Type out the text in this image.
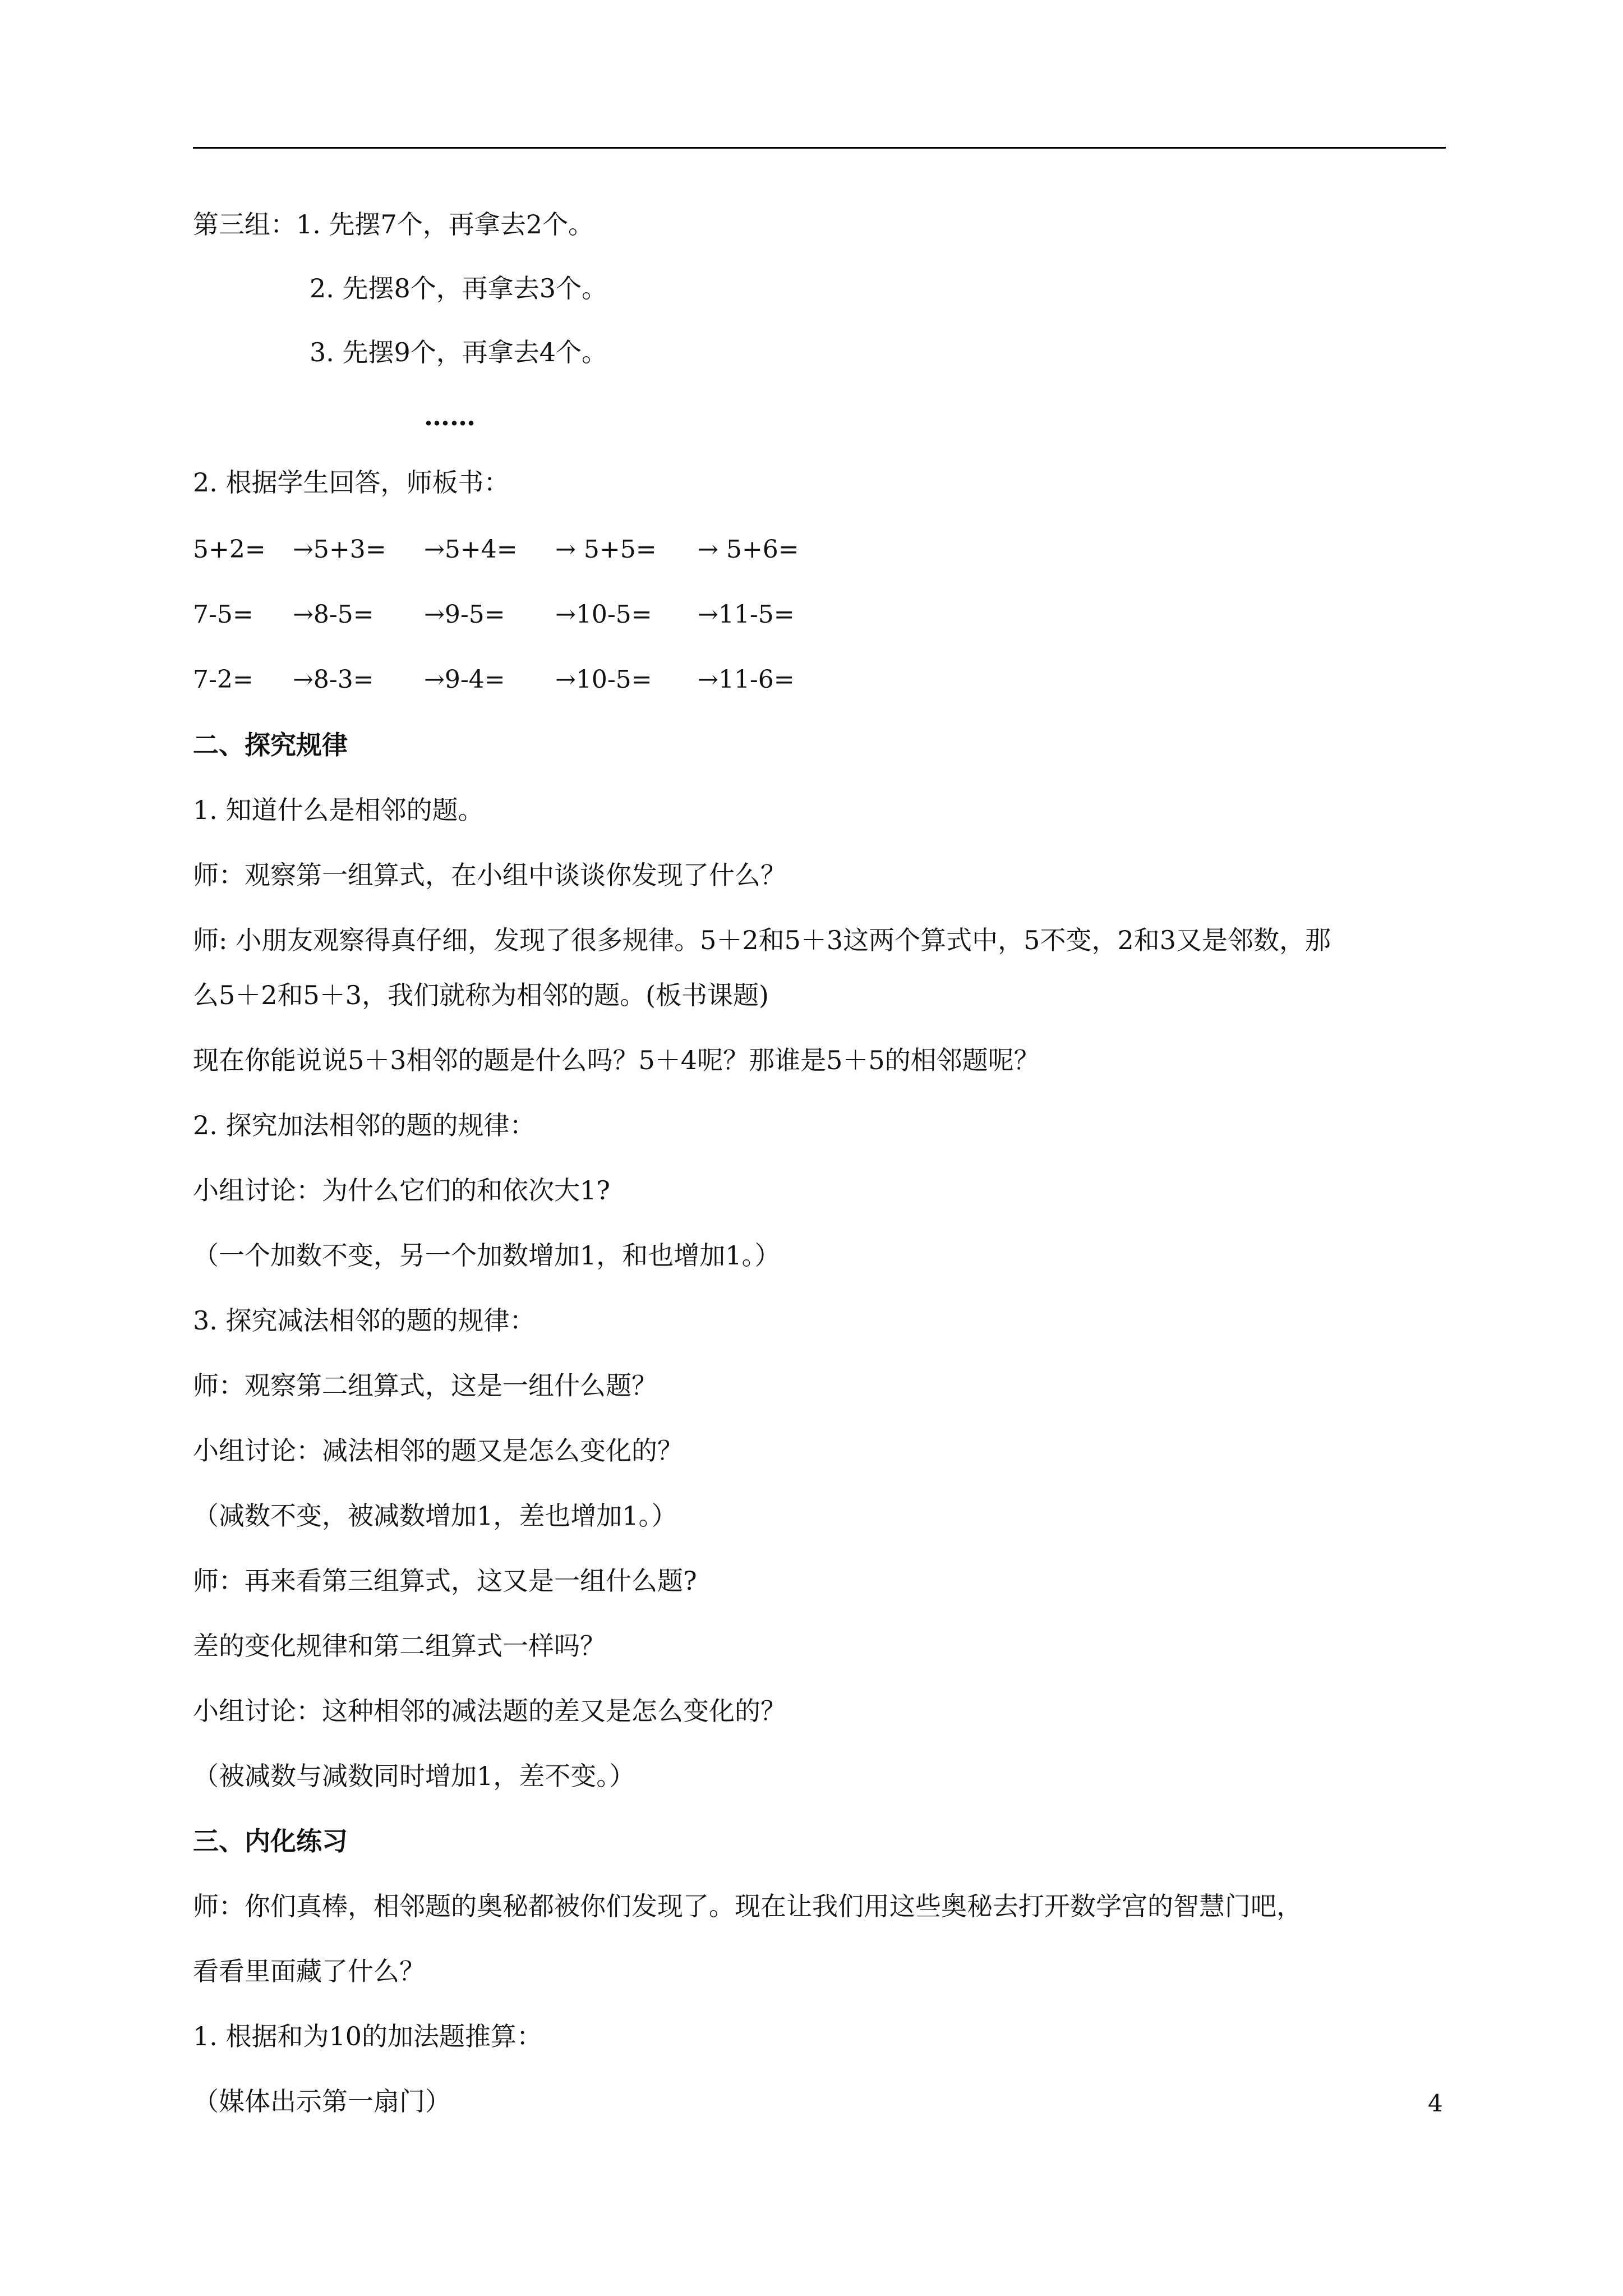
第三组：1. 先摆7个，再拿去2个。
2. 先摆8个，再拿去3个。
3. 先摆9个，再拿去4个。
……
2. 根据学生回答，师板书：
5+2= →5+3= →5+4= → 5+5= → 5+6=
7-5= →8-5= →9-5= →10-5= →11-5=
7-2= →8-3= →9-4= →10-5= →11-6=
二、探究规律
1. 知道什么是相邻的题。
师：观察第一组算式，在小组中谈谈你发现了什么？
师: 小朋友观察得真仔细，发现了很多规律。5＋2和5＋3这两个算式中，5不变，2和3又是邻数，那
么5＋2和5＋3，我们就称为相邻的题。(板书课题)
现在你能说说5＋3相邻的题是什么吗？5＋4呢？那谁是5＋5的相邻题呢？
2. 探究加法相邻的题的规律：
小组讨论：为什么它们的和依次大1?
（一个加数不变，另一个加数增加1，和也增加1。）
3. 探究减法相邻的题的规律：
师：观察第二组算式，这是一组什么题？
小组讨论：减法相邻的题又是怎么变化的？
（减数不变，被减数增加1，差也增加1。）
师：再来看第三组算式，这又是一组什么题?
差的变化规律和第二组算式一样吗？
小组讨论：这种相邻的减法题的差又是怎么变化的？
（被减数与减数同时增加1，差不变。）
三、内化练习
师：你们真棒，相邻题的奥秘都被你们发现了。现在让我们用这些奥秘去打开数学宫的智慧门吧，
看看里面藏了什么？
1. 根据和为10的加法题推算：
（媒体出示第一扇门）	4
